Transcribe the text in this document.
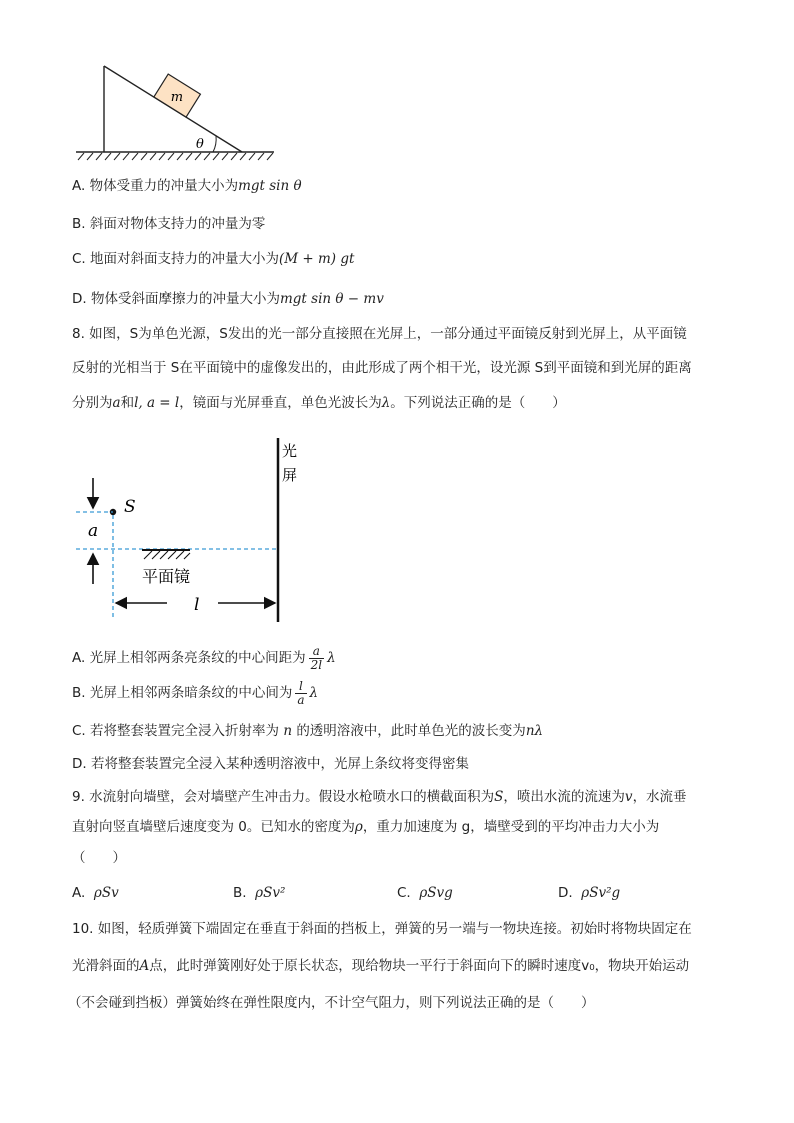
m
θ
A. 物体受重力的冲量大小为mgt sin θ
B. 斜面对物体支持力的冲量为零
C. 地面对斜面支持力的冲量大小为(M + m) gt
D. 物体受斜面摩擦力的冲量大小为mgt sin θ − mv
8. 如图，S为单色光源，S发出的光一部分直接照在光屏上，一部分通过平面镜反射到光屏上，从平面镜
反射的光相当于 S在平面镜中的虚像发出的，由此形成了两个相干光，设光源 S到平面镜和到光屏的距离
分别为a和l, a = l，镜面与光屏垂直，单色光波长为λ。下列说法正确的是（　　）
光屏
S
a
平面镜
l
A. 光屏上相邻两条亮条纹的中心间距为 $\frac{a}{2l}$ λ
B. 光屏上相邻两条暗条纹的中心间为 $\frac{l}{a}$ λ
C. 若将整套装置完全浸入折射率为 n 的透明溶液中，此时单色光的波长变为nλ
D. 若将整套装置完全浸入某种透明溶液中，光屏上条纹将变得密集
9. 水流射向墙壁，会对墙壁产生冲击力。假设水枪喷水口的横截面积为S，喷出水流的流速为v，水流垂
直射向竖直墙壁后速度变为 0。已知水的密度为ρ，重力加速度为 g，墙壁受到的平均冲击力大小为
（　　）
A. ρSv	B. ρSv²	C. ρSvg	D. ρSv²g
10. 如图，轻质弹簧下端固定在垂直于斜面的挡板上，弹簧的另一端与一物块连接。初始时将物块固定在
光滑斜面的A点，此时弹簧刚好处于原长状态，现给物块一平行于斜面向下的瞬时速度v₀，物块开始运动
（不会碰到挡板）弹簧始终在弹性限度内，不计空气阻力，则下列说法正确的是（　　）
